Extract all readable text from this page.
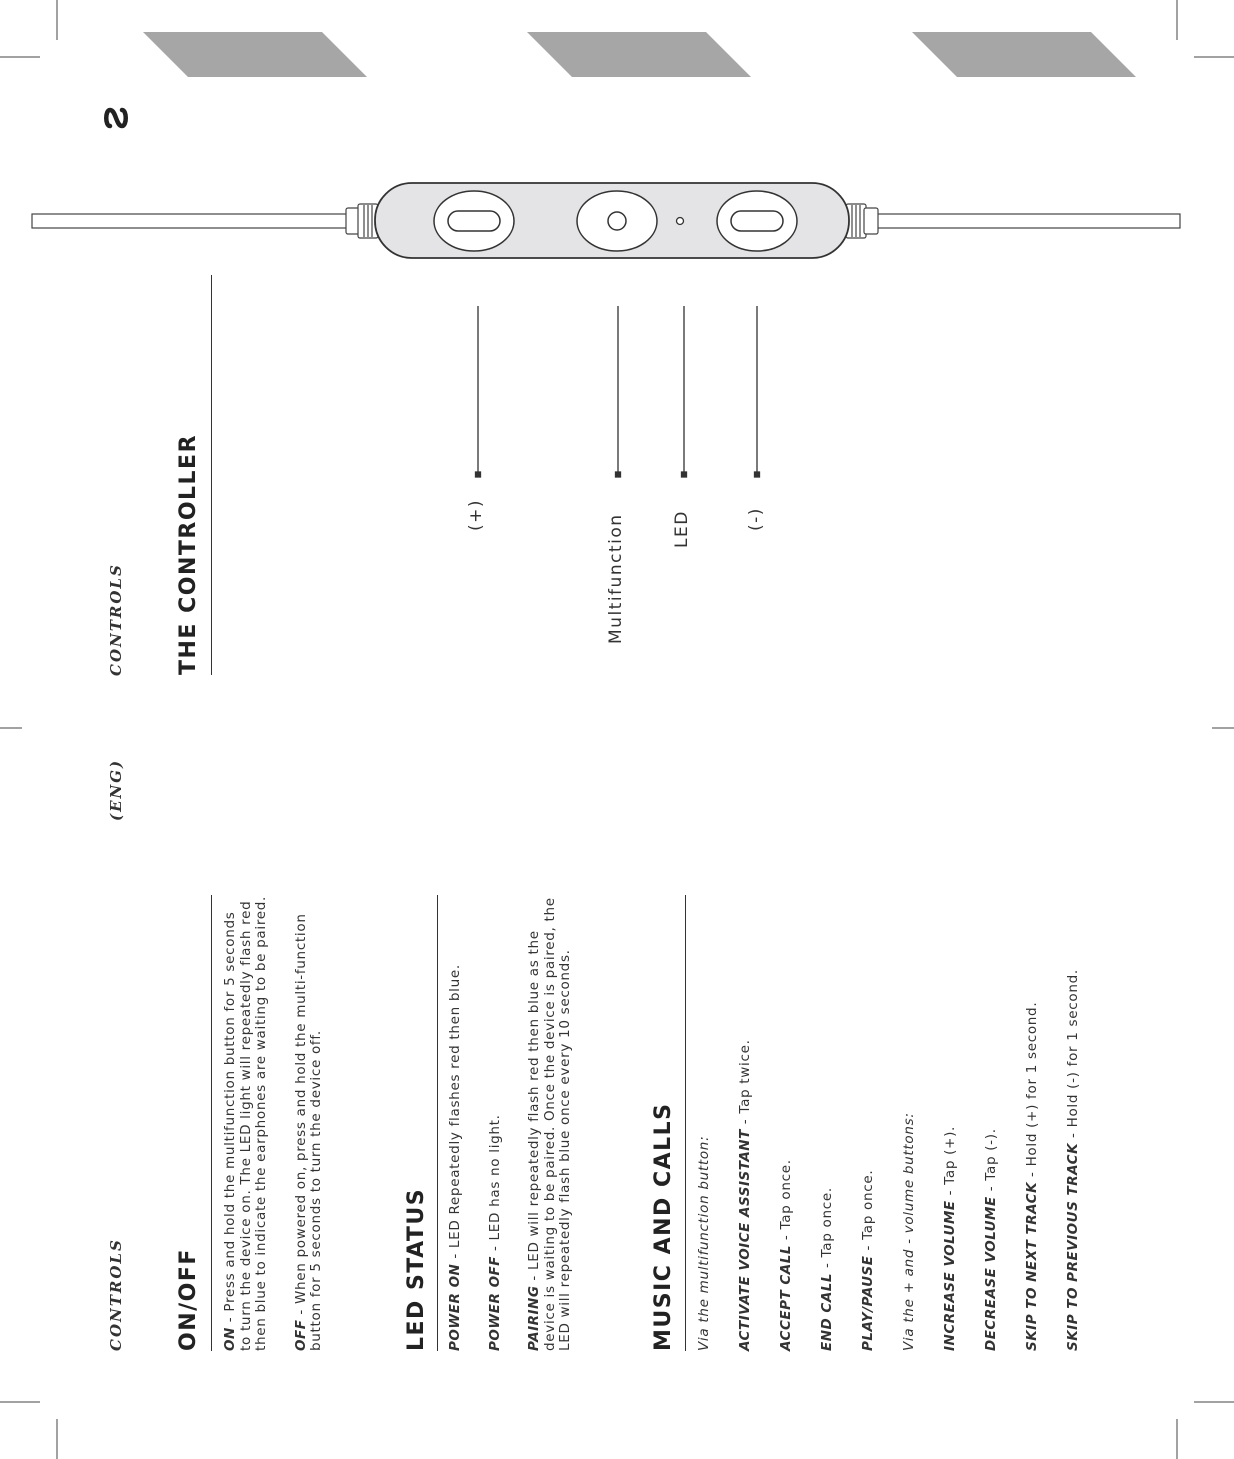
CONTROLS
(ENG)
CONTROLS
ON/OFF ON - Press and hold the multifunction button for 5 seconds to turn the device on. The LED light will repeatedly flash red then blue to indicate the earphones are waiting to be paired. OFF - When powered on, press and hold the multi-function button for 5 seconds to turn the device off.	LED STATUS POWER ON - LED Repeatedly flashes red then blue.

POWER OFF - LED has no light.

PAIRING - LED will repeatedly flash red then blue as the device is waiting to be paired. Once the device is paired, the LED will repeatedly flash blue once every 10 seconds.	MUSIC AND CALLS Via the multifunction button: ACTIVATE VOICE ASSISTANT - Tap twice.

ACCEPT CALL - Tap once.

END CALL - Tap once.

PLAY/PAUSE - Tap once. Via the + and - volume buttons: INCREASE VOLUME - Tap (+).

DECREASE VOLUME - Tap (-).

SKIP TO NEXT TRACK - Hold (+) for 1 second.

SKIP TO PREVIOUS TRACK - Hold (-) for 1 second.

THE CONTROLLER	(+)	Multifunction	LED	(-)
